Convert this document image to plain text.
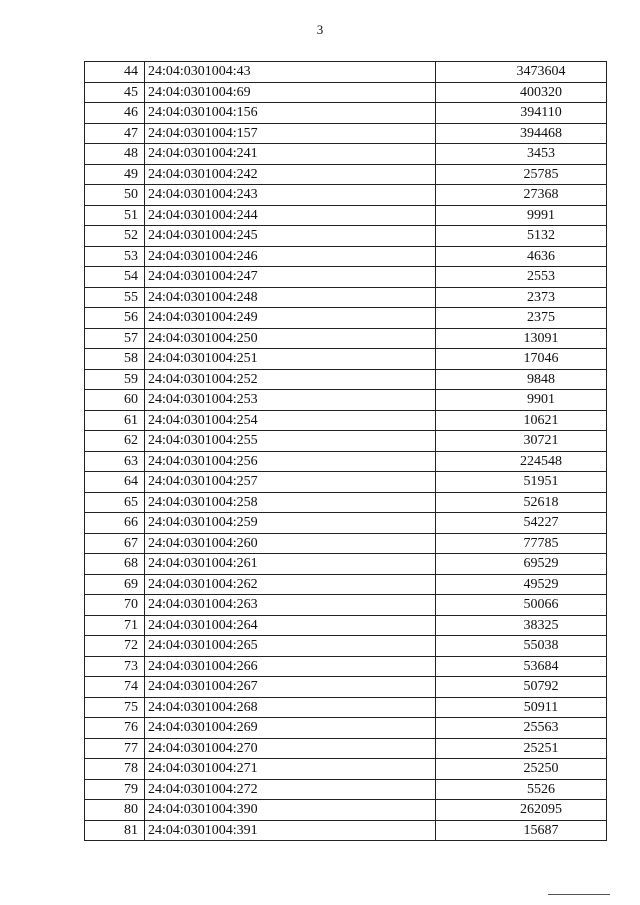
3
44	24:04:0301004:43	3473604
45	24:04:0301004:69	400320
46	24:04:0301004:156	394110
47	24:04:0301004:157	394468
48	24:04:0301004:241	3453
49	24:04:0301004:242	25785
50	24:04:0301004:243	27368
51	24:04:0301004:244	9991
52	24:04:0301004:245	5132
53	24:04:0301004:246	4636
54	24:04:0301004:247	2553
55	24:04:0301004:248	2373
56	24:04:0301004:249	2375
57	24:04:0301004:250	13091
58	24:04:0301004:251	17046
59	24:04:0301004:252	9848
60	24:04:0301004:253	9901
61	24:04:0301004:254	10621
62	24:04:0301004:255	30721
63	24:04:0301004:256	224548
64	24:04:0301004:257	51951
65	24:04:0301004:258	52618
66	24:04:0301004:259	54227
67	24:04:0301004:260	77785
68	24:04:0301004:261	69529
69	24:04:0301004:262	49529
70	24:04:0301004:263	50066
71	24:04:0301004:264	38325
72	24:04:0301004:265	55038
73	24:04:0301004:266	53684
74	24:04:0301004:267	50792
75	24:04:0301004:268	50911
76	24:04:0301004:269	25563
77	24:04:0301004:270	25251
78	24:04:0301004:271	25250
79	24:04:0301004:272	5526
80	24:04:0301004:390	262095
81	24:04:0301004:391	15687
